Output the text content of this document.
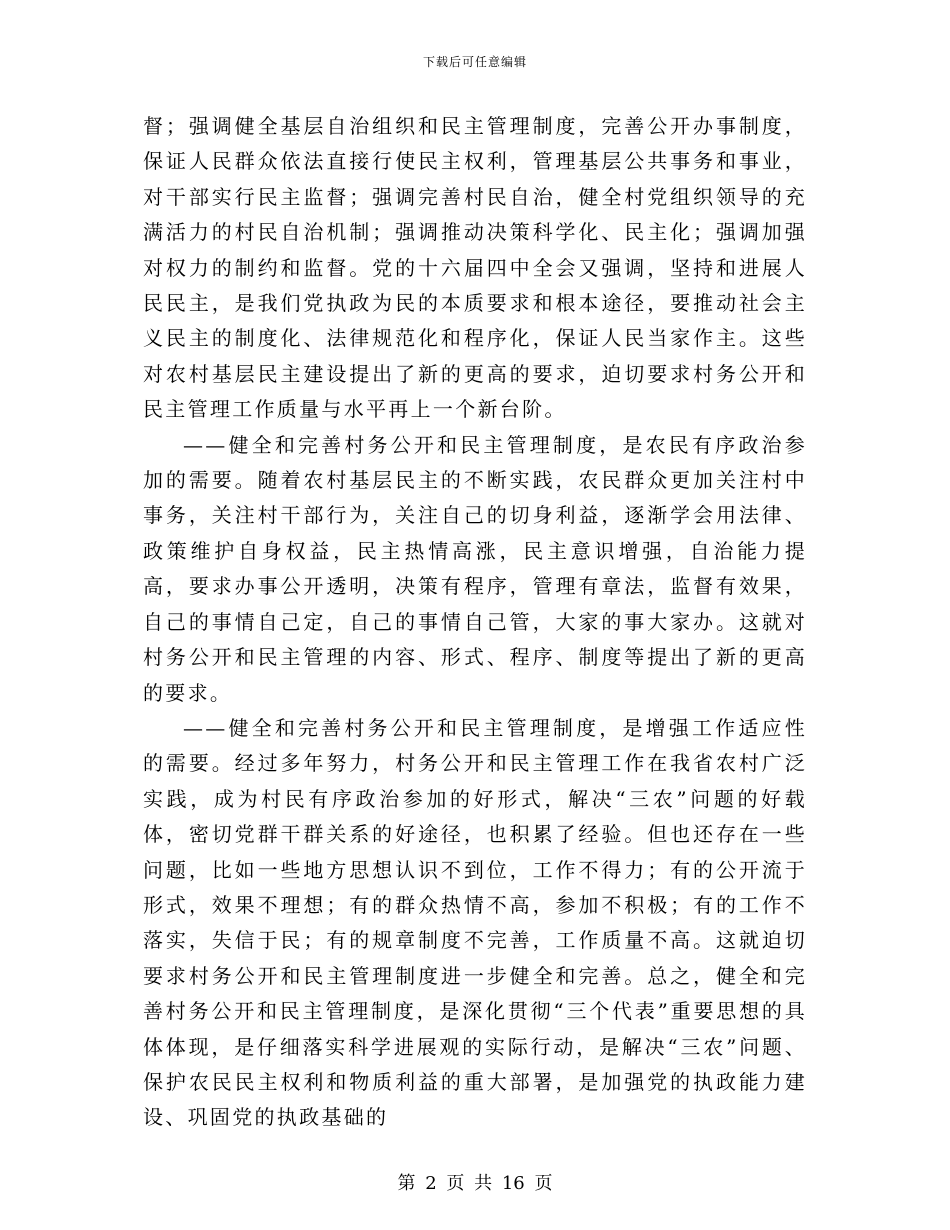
下载后可任意编辑

督；强调健全基层自治组织和民主管理制度，完善公开办事制度，保证人民群众依法直接行使民主权利，管理基层公共事务和事业，对干部实行民主监督；强调完善村民自治，健全村党组织领导的充满活力的村民自治机制；强调推动决策科学化、民主化；强调加强对权力的制约和监督。党的十六届四中全会又强调，坚持和进展人民民主，是我们党执政为民的本质要求和根本途径，要推动社会主义民主的制度化、法律规范化和程序化，保证人民当家作主。这些对农村基层民主建设提出了新的更高的要求，迫切要求村务公开和民主管理工作质量与水平再上一个新台阶。

——健全和完善村务公开和民主管理制度，是农民有序政治参加的需要。随着农村基层民主的不断实践，农民群众更加关注村中事务，关注村干部行为，关注自己的切身利益，逐渐学会用法律、政策维护自身权益，民主热情高涨，民主意识增强，自治能力提高，要求办事公开透明，决策有程序，管理有章法，监督有效果，自己的事情自己定，自己的事情自己管，大家的事大家办。这就对村务公开和民主管理的内容、形式、程序、制度等提出了新的更高的要求。

——健全和完善村务公开和民主管理制度，是增强工作适应性的需要。经过多年努力，村务公开和民主管理工作在我省农村广泛实践，成为村民有序政治参加的好形式，解决“三农”问题的好载体，密切党群干群关系的好途径，也积累了经验。但也还存在一些问题，比如一些地方思想认识不到位，工作不得力；有的公开流于形式，效果不理想；有的群众热情不高，参加不积极；有的工作不落实，失信于民；有的规章制度不完善，工作质量不高。这就迫切要求村务公开和民主管理制度进一步健全和完善。总之，健全和完善村务公开和民主管理制度，是深化贯彻“三个代表”重要思想的具体体现，是仔细落实科学进展观的实际行动，是解决“三农”问题、保护农民民主权利和物质利益的重大部署，是加强党的执政能力建设、巩固党的执政基础的

第 2 页 共 16 页
